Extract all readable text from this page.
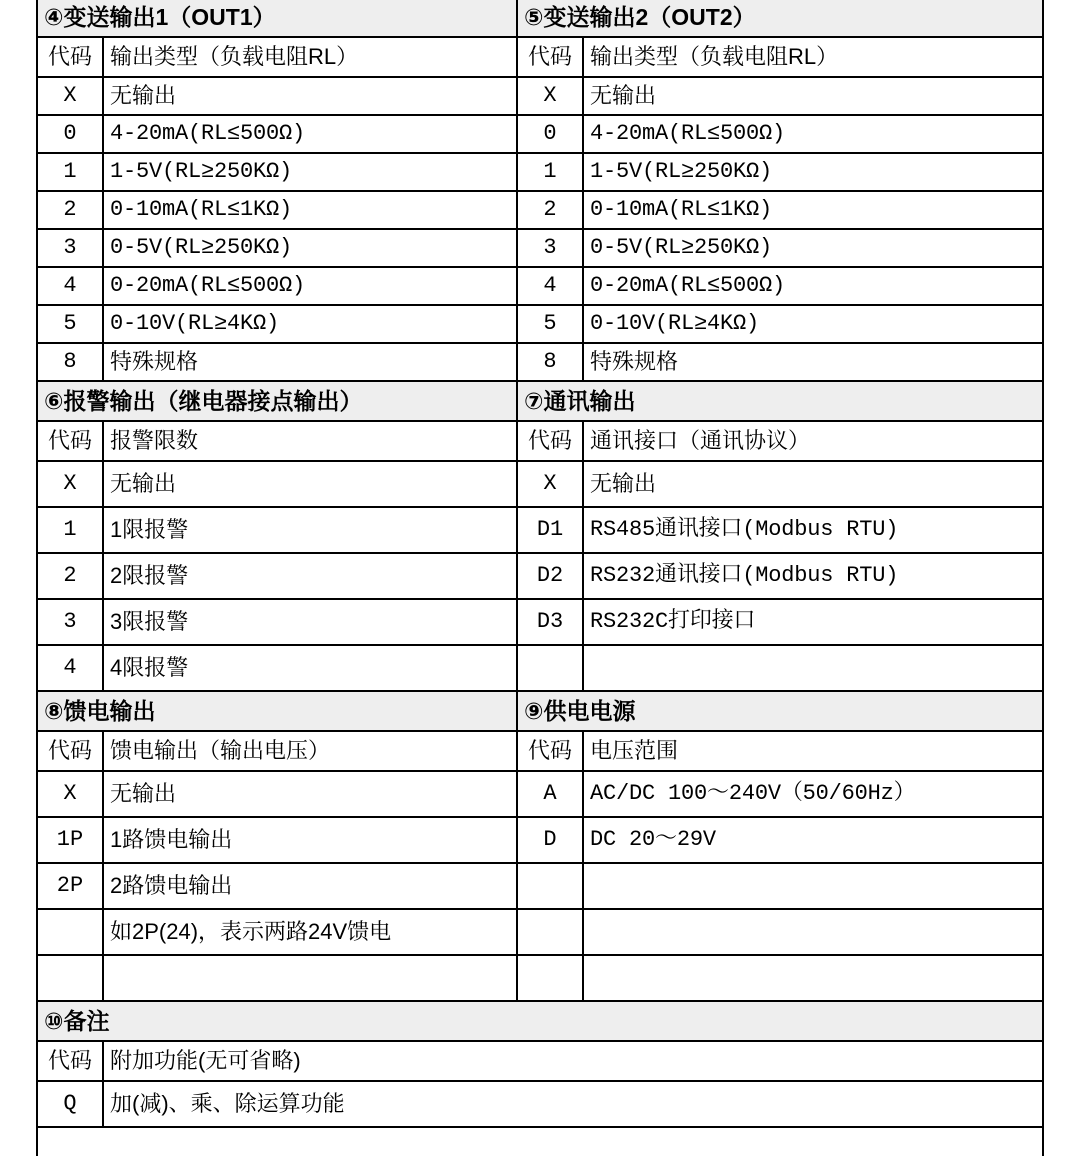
④变送输出1（OUT1）		⑤变送输出2（OUT2）	
代码	输出类型（负载电阻RL）	代码	输出类型（负载电阻RL）
X	无输出	X	无输出
0	4-20mA(RL≤500Ω)	0	4-20mA(RL≤500Ω)
1	1-5V(RL≥250KΩ)	1	1-5V(RL≥250KΩ)
2	0-10mA(RL≤1KΩ)	2	0-10mA(RL≤1KΩ)
3	0-5V(RL≥250KΩ)	3	0-5V(RL≥250KΩ)
4	0-20mA(RL≤500Ω)	4	0-20mA(RL≤500Ω)
5	0-10V(RL≥4KΩ)	5	0-10V(RL≥4KΩ)
8	特殊规格	8	特殊规格
⑥报警输出（继电器接点输出）		⑦通讯输出	
代码	报警限数	代码	通讯接口（通讯协议）
X	无输出	X	无输出
1	1限报警	D1	RS485通讯接口(Modbus RTU)
2	2限报警	D2	RS232通讯接口(Modbus RTU)
3	3限报警	D3	RS232C打印接口
4	4限报警		
⑧馈电输出		⑨供电电源	
代码	馈电输出（输出电压）	代码	电压范围
X	无输出	A	AC/DC 100～240V（50/60Hz）
1P	1路馈电输出	D	DC 20～29V
2P	2路馈电输出		
	如2P(24)，表示两路24V馈电		

⑩备注			
代码	附加功能(无可省略)		
Q	加(减)、乘、除运算功能		
